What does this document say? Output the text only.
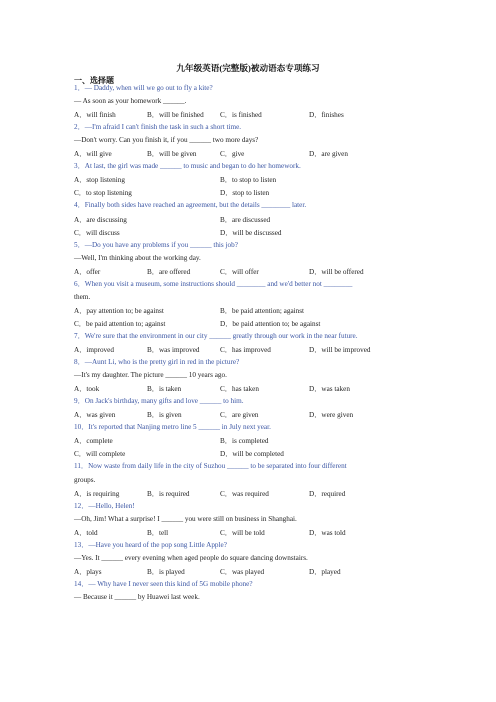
九年级英语(完整版)被动语态专项练习
一、选择题
1．— Daddy, when will we go out to fly a kite?
— As soon as your homework ______.
A．will finish	B．will be finished C．is finished	D．finishes
2．—I'm afraid I can't finish the task in such a short time.
—Don't worry. Can you finish it, if you ______ two more days?
A．will give	B．will be given	C．give	D．are given
3．At last, the girl was made ______ to music and began to do her homework.
A．stop listening	B．to stop to listen
C．to stop listening	D．stop to listen
4．Finally both sides have reached an agreement, but the details ________ later.
A．are discussing	B．are discussed
C．will discuss	D．will be discussed
5．—Do you have any problems if you ______ this job?
—Well, I'm thinking about the working day.
A．offer	B．are offered	C．will offer	D．will be offered
6．When you visit a museum, some instructions should ________ and we'd better not ________
them.
A．pay attention to; be against	B．be paid attention; against
C．be paid attention to; against	D．be paid attention to; be against
7．We're sure that the environment in our city ______ greatly through our work in the near future.
A．improved	B．was improved	C．has improved	D．will be improved
8．—Aunt Li, who is the pretty girl in red in the picture?
—It's my daughter. The picture ______ 10 years ago.
A．took	B．is taken	C．has taken	D．was taken
9．On Jack's birthday, many gifts and love ______ to him.
A．was given	B．is given	C．are given	D．were given
10．It's reported that Nanjing metro line 5 ______ in July next year.
A．complete	B．is completed
C．will complete	D．will be completed
11．Now waste from daily life in the city of Suzhou ______ to be separated into four different
groups.
A．is requiring	B．is required	C．was required	D．required
12．—Hello, Helen!
—Oh, Jim! What a surprise! I ______ you were still on business in Shanghai.
A．told	B．tell	C．will be told	D．was told
13．—Have you heard of the pop song Little Apple?
—Yes. It ______ every evening when aged people do square dancing downstairs.
A．plays	B．is played	C．was played	D．played
14．— Why have I never seen this kind of 5G mobile phone?
— Because it ______ by Huawei last week.
